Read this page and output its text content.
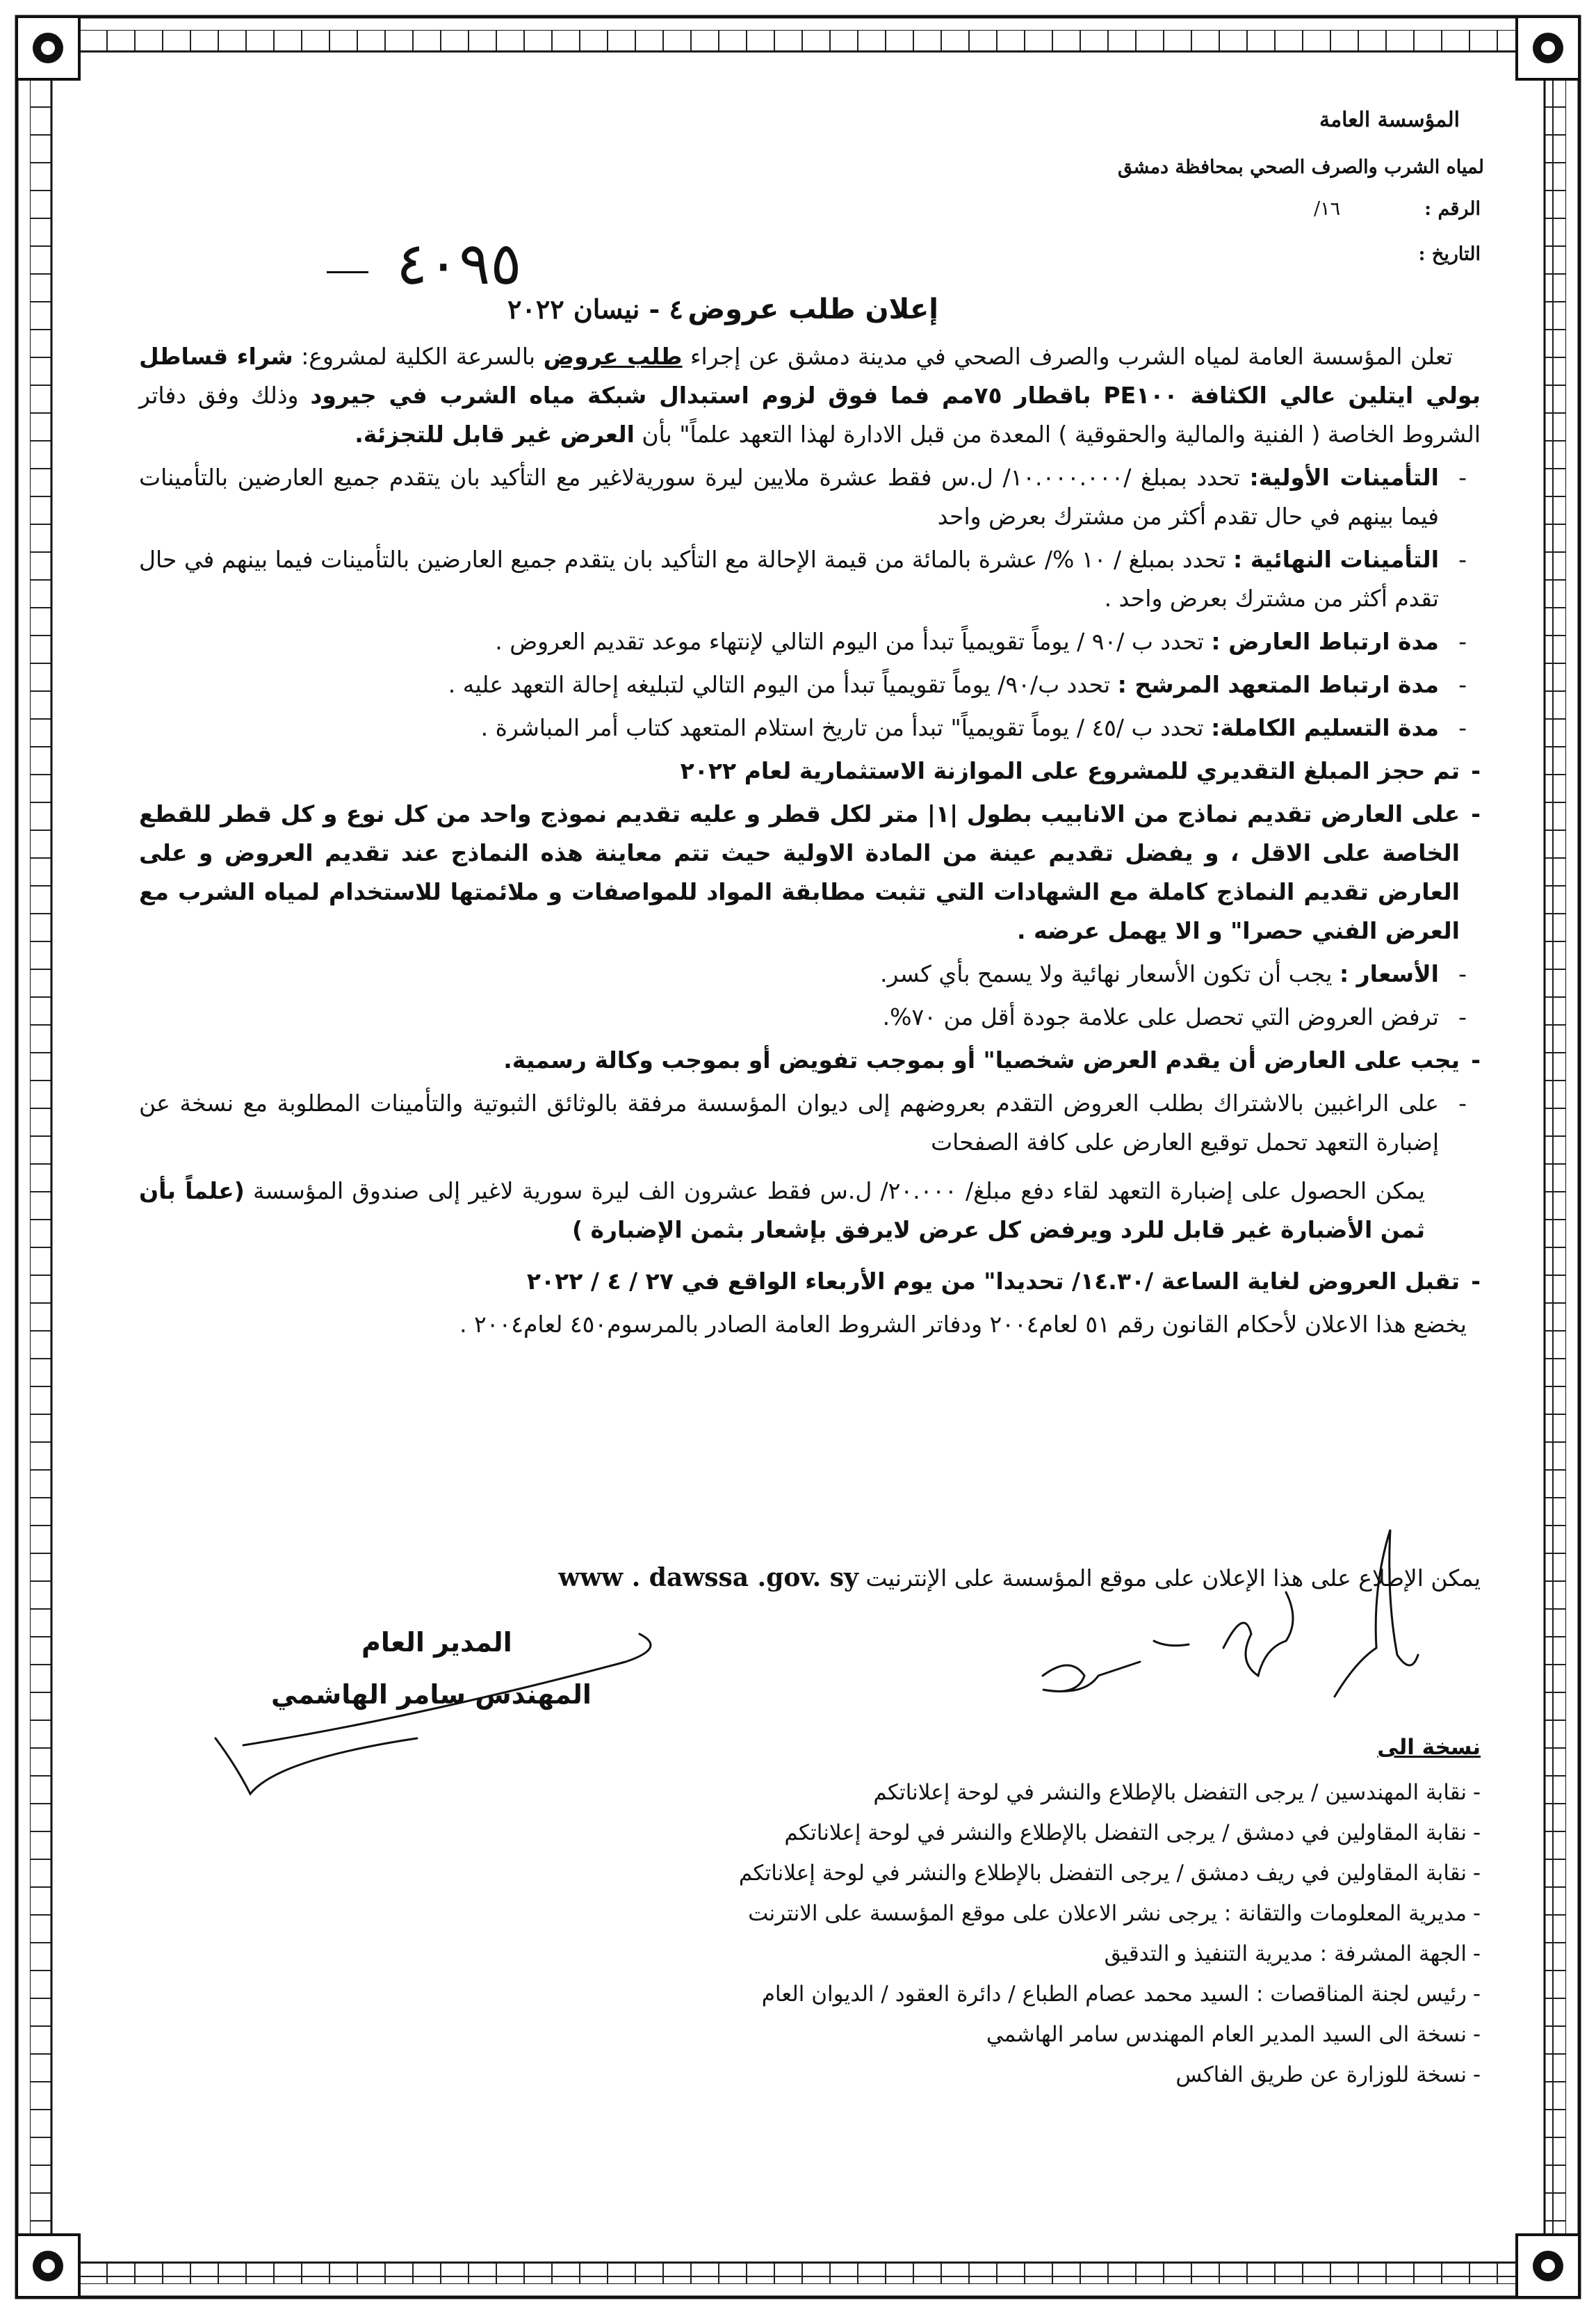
المؤسسة العامة
لمياه الشرب والصرف الصحي بمحافظة دمشق
الرقم :
١٦/
التاريخ :
٤٠٩٥
إعلان طلب عروض
٤ - نيسان ٢٠٢٢

تعلن المؤسسة العامة لمياه الشرب والصرف الصحي في مدينة دمشق عن إجراء طلب عروض بالسرعة الكلية لمشروع: شراء قساطل بولي ايتلين عالي الكثافة PE١٠٠ باقطار ٧٥مم فما فوق لزوم استبدال شبكة مياه الشرب في جيرود وذلك وفق دفاتر الشروط الخاصة ( الفنية والمالية والحقوقية ) المعدة من قبل الادارة لهذا التعهد علماً" بأن العرض غير قابل للتجزئة.

- التأمينات الأولية: تحدد بمبلغ /١٠.٠٠٠.٠٠٠/ ل.س فقط عشرة ملايين ليرة سوريةلاغير مع التأكيد بان يتقدم جميع العارضين بالتأمينات فيما بينهم في حال تقدم أكثر من مشترك بعرض واحد

- التأمينات النهائية : تحدد بمبلغ / ١٠ %/ عشرة بالمائة من قيمة الإحالة مع التأكيد بان يتقدم جميع العارضين بالتأمينات فيما بينهم في حال تقدم أكثر من مشترك بعرض واحد .

- مدة ارتباط العارض : تحدد ب /٩٠ / يوماً تقويمياً تبدأ من اليوم التالي لإنتهاء موعد تقديم العروض .

- مدة ارتباط المتعهد المرشح : تحدد ب/٩٠/ يوماً تقويمياً تبدأ من اليوم التالي لتبليغه إحالة التعهد عليه .

- مدة التسليم الكاملة: تحدد ب /٤٥ / يوماً تقويمياً" تبدأ من تاريخ استلام المتعهد كتاب أمر المباشرة .

- تم حجز المبلغ التقديري للمشروع على الموازنة الاستثمارية لعام ٢٠٢٢

- على العارض تقديم نماذج من الانابيب بطول |١| متر لكل قطر و عليه تقديم نموذج واحد من كل نوع و كل قطر للقطع الخاصة على الاقل ، و يفضل تقديم عينة من المادة الاولية حيث تتم معاينة هذه النماذج عند تقديم العروض و على العارض تقديم النماذج كاملة مع الشهادات التي تثبت مطابقة المواد للمواصفات و ملائمتها للاستخدام لمياه الشرب مع العرض الفني حصرا" و الا يهمل عرضه .

- الأسعار : يجب أن تكون الأسعار نهائية ولا يسمح بأي كسر.

- ترفض العروض التي تحصل على علامة جودة أقل من ٧٠%.

- يجب على العارض أن يقدم العرض شخصيا" أو بموجب تفويض أو بموجب وكالة رسمية.

- على الراغبين بالاشتراك بطلب العروض التقدم بعروضهم إلى ديوان المؤسسة مرفقة بالوثائق الثبوتية والتأمينات المطلوبة مع نسخة عن إضبارة التعهد تحمل توقيع العارض على كافة الصفحات

يمكن الحصول على إضبارة التعهد لقاء دفع مبلغ/ ٢٠.٠٠٠/ ل.س فقط عشرون الف ليرة سورية لاغير إلى صندوق المؤسسة (علماً بأن ثمن الأضبارة غير قابل للرد ويرفض كل عرض لايرفق بإشعار بثمن الإضبارة )

- تقبل العروض لغاية الساعة /١٤.٣٠/ تحديدا" من يوم الأربعاء الواقع في ٢٧ / ٤ / ٢٠٢٢

يخضع هذا الاعلان لأحكام القانون رقم ٥١ لعام٢٠٠٤ ودفاتر الشروط العامة الصادر بالمرسوم٤٥٠ لعام٢٠٠٤ .

يمكن الإطلاع على هذا الإعلان على موقع المؤسسة على الإنترنيت www . dawssa .gov. sy
المدير العام
المهندس سامر الهاشمي
نسخة الى
- نقابة المهندسين / يرجى التفضل بالإطلاع والنشر في لوحة إعلاناتكم
- نقابة المقاولين في دمشق / يرجى التفضل بالإطلاع والنشر في لوحة إعلاناتكم
- نقابة المقاولين في ريف دمشق / يرجى التفضل بالإطلاع والنشر في لوحة إعلاناتكم
- مديرية المعلومات والتقانة : يرجى نشر الاعلان على موقع المؤسسة على الانترنت
- الجهة المشرفة : مديرية التنفيذ و التدقيق
- رئيس لجنة المناقصات : السيد محمد عصام الطباع / دائرة العقود / الديوان العام
- نسخة الى السيد المدير العام المهندس سامر الهاشمي
- نسخة للوزارة عن طريق الفاكس
